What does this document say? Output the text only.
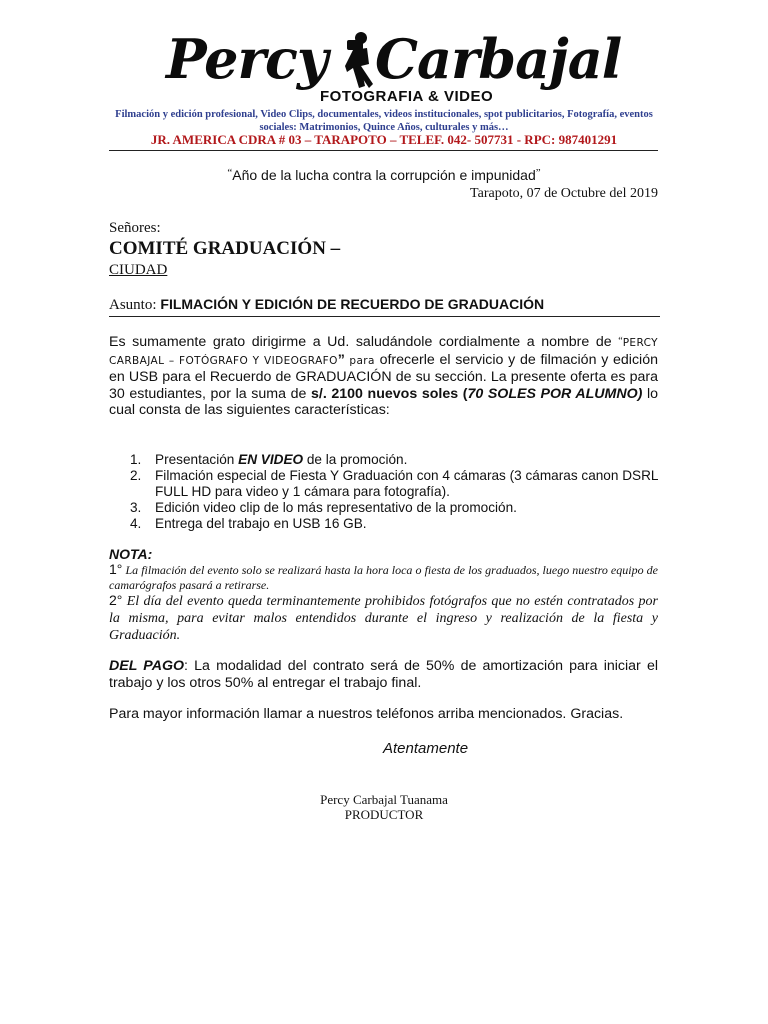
Percy Carbajal
FOTOGRAFIA & VIDEO
Filmación y edición profesional, Video Clips, documentales, videos institucionales, spot publicitarios, Fotografía, eventos
sociales: Matrimonios, Quince Años, culturales y más…
JR. AMERICA CDRA # 03 – TARAPOTO – TELEF. 042- 507731 - RPC: 987401291
“Año de la lucha contra la corrupción e impunidad”
Tarapoto, 07 de Octubre del 2019
Señores:
COMITÉ GRADUACIÓN –
CIUDAD
Asunto: FILMACIÓN Y EDICIÓN DE RECUERDO DE GRADUACIÓN
Es sumamente grato dirigirme a Ud. saludándole cordialmente a nombre de “PERCY CARBAJAL – FOTÓGRAFO Y VIDEOGRAFO” para ofrecerle el servicio y de filmación y edición en USB para el Recuerdo de GRADUACIÓN de su sección. La presente oferta es para 30 estudiantes, por la suma de s/. 2100 nuevos soles (70 SOLES POR ALUMNO) lo cual consta de las siguientes características:
1. Presentación EN VIDEO de la promoción.
2. Filmación especial de Fiesta Y Graduación con 4 cámaras (3 cámaras canon DSRL FULL HD para video y 1 cámara para fotografía).
3. Edición video clip de lo más representativo de la promoción.
4. Entrega del trabajo en USB 16 GB.
NOTA:
1° La filmación del evento solo se realizará hasta la hora loca o fiesta de los graduados, luego nuestro equipo de camarógrafos pasará a retirarse.
2° El día del evento queda terminantemente prohibidos fotógrafos que no estén contratados por la misma, para evitar malos entendidos durante el ingreso y realización de la fiesta y Graduación.
DEL PAGO: La modalidad del contrato será de 50% de amortización para iniciar el trabajo y los otros 50% al entregar el trabajo final.
Para mayor información llamar a nuestros teléfonos arriba mencionados. Gracias.
Atentamente
Percy Carbajal Tuanama
PRODUCTOR
